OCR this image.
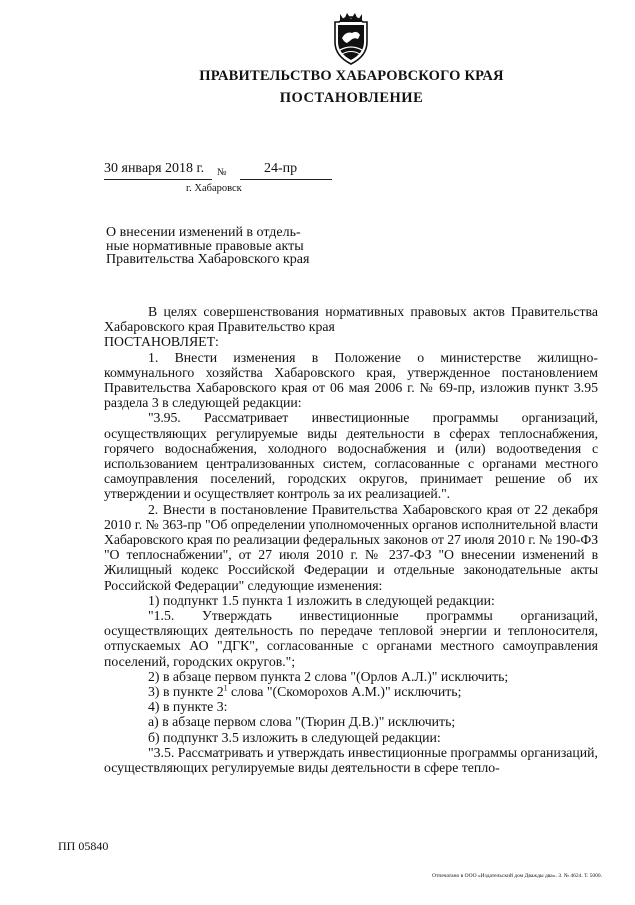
ПРАВИТЕЛЬСТВО ХАБАРОВСКОГО КРАЯ
ПОСТАНОВЛЕНИЕ
30 января 2018 г. №	24-пр
г. Хабаровск
О внесении изменений в отдель-
ные нормативные правовые акты
Правительства Хабаровского края

В целях совершенствования нормативных правовых актов Правительства Хабаровского края Правительство края

ПОСТАНОВЛЯЕТ:

1. Внести изменения в Положение о министерстве жилищно-коммунального хозяйства Хабаровского края, утвержденное постановлением Правительства Хабаровского края от 06 мая 2006 г. № 69-пр, изложив пункт 3.95 раздела 3 в следующей редакции:

"3.95. Рассматривает инвестиционные программы организаций, осуществляющих регулируемые виды деятельности в сферах теплоснабжения, горячего водоснабжения, холодного водоснабжения и (или) водоотведения с использованием централизованных систем, согласованные с органами местного самоуправления поселений, городских округов, принимает решение об их утверждении и осуществляет контроль за их реализацией.".

2. Внести в постановление Правительства Хабаровского края от 22 декабря 2010 г. № 363-пр "Об определении уполномоченных органов исполнительной власти Хабаровского края по реализации федеральных законов от 27 июля 2010 г. № 190-ФЗ "О теплоснабжении", от 27 июля 2010 г. № 237-ФЗ "О внесении изменений в Жилищный кодекс Российской Федерации и отдельные законодательные акты Российской Федерации" следующие изменения:

1) подпункт 1.5 пункта 1 изложить в следующей редакции:

"1.5. Утверждать инвестиционные программы организаций, осуществляющих деятельность по передаче тепловой энергии и теплоносителя, отпускаемых АО "ДГК", согласованные с органами местного самоуправления поселений, городских округов.";

2) в абзаце первом пункта 2 слова "(Орлов А.Л.)" исключить;

3) в пункте $2^1$ слова "(Скоморохов А.М.)" исключить;

4) в пункте 3:

а) в абзаце первом слова "(Тюрин Д.В.)" исключить;

б) подпункт 3.5 изложить в следующей редакции:

"3.5. Рассматривать и утверждать инвестиционные программы организаций, осуществляющих регулируемые виды деятельности в сфере тепло-

ПП 05840
Отпечатано в ООО «Издательский дом Дважды два». З. № 4624. Т. 5000.
